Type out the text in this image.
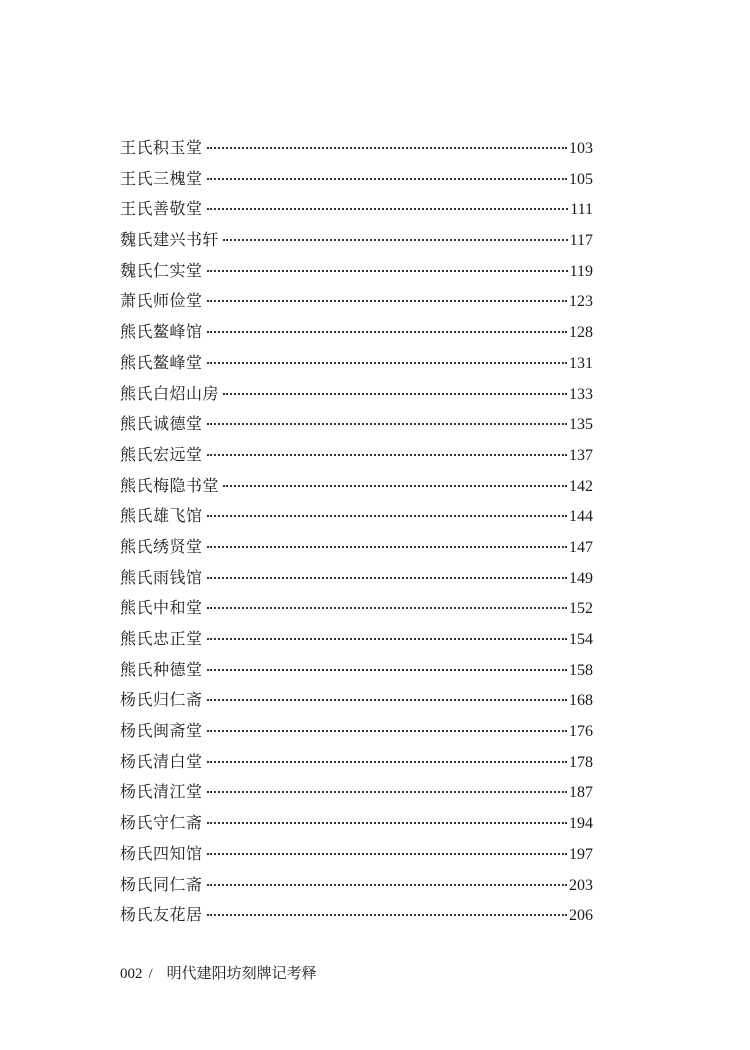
王氏积玉堂	103
王氏三槐堂	105
王氏善敬堂	111
魏氏建兴书轩	117
魏氏仁实堂	119
萧氏师俭堂	123
熊氏鳌峰馆	128
熊氏鳌峰堂	131
熊氏白炤山房	133
熊氏诚德堂	135
熊氏宏远堂	137
熊氏梅隐书堂	142
熊氏雄飞馆	144
熊氏绣贤堂	147
熊氏雨钱馆	149
熊氏中和堂	152
熊氏忠正堂	154
熊氏种德堂	158
杨氏归仁斋	168
杨氏闽斋堂	176
杨氏清白堂	178
杨氏清江堂	187
杨氏守仁斋	194
杨氏四知馆	197
杨氏同仁斋	203
杨氏友花居	206
002 / 明代建阳坊刻牌记考释
